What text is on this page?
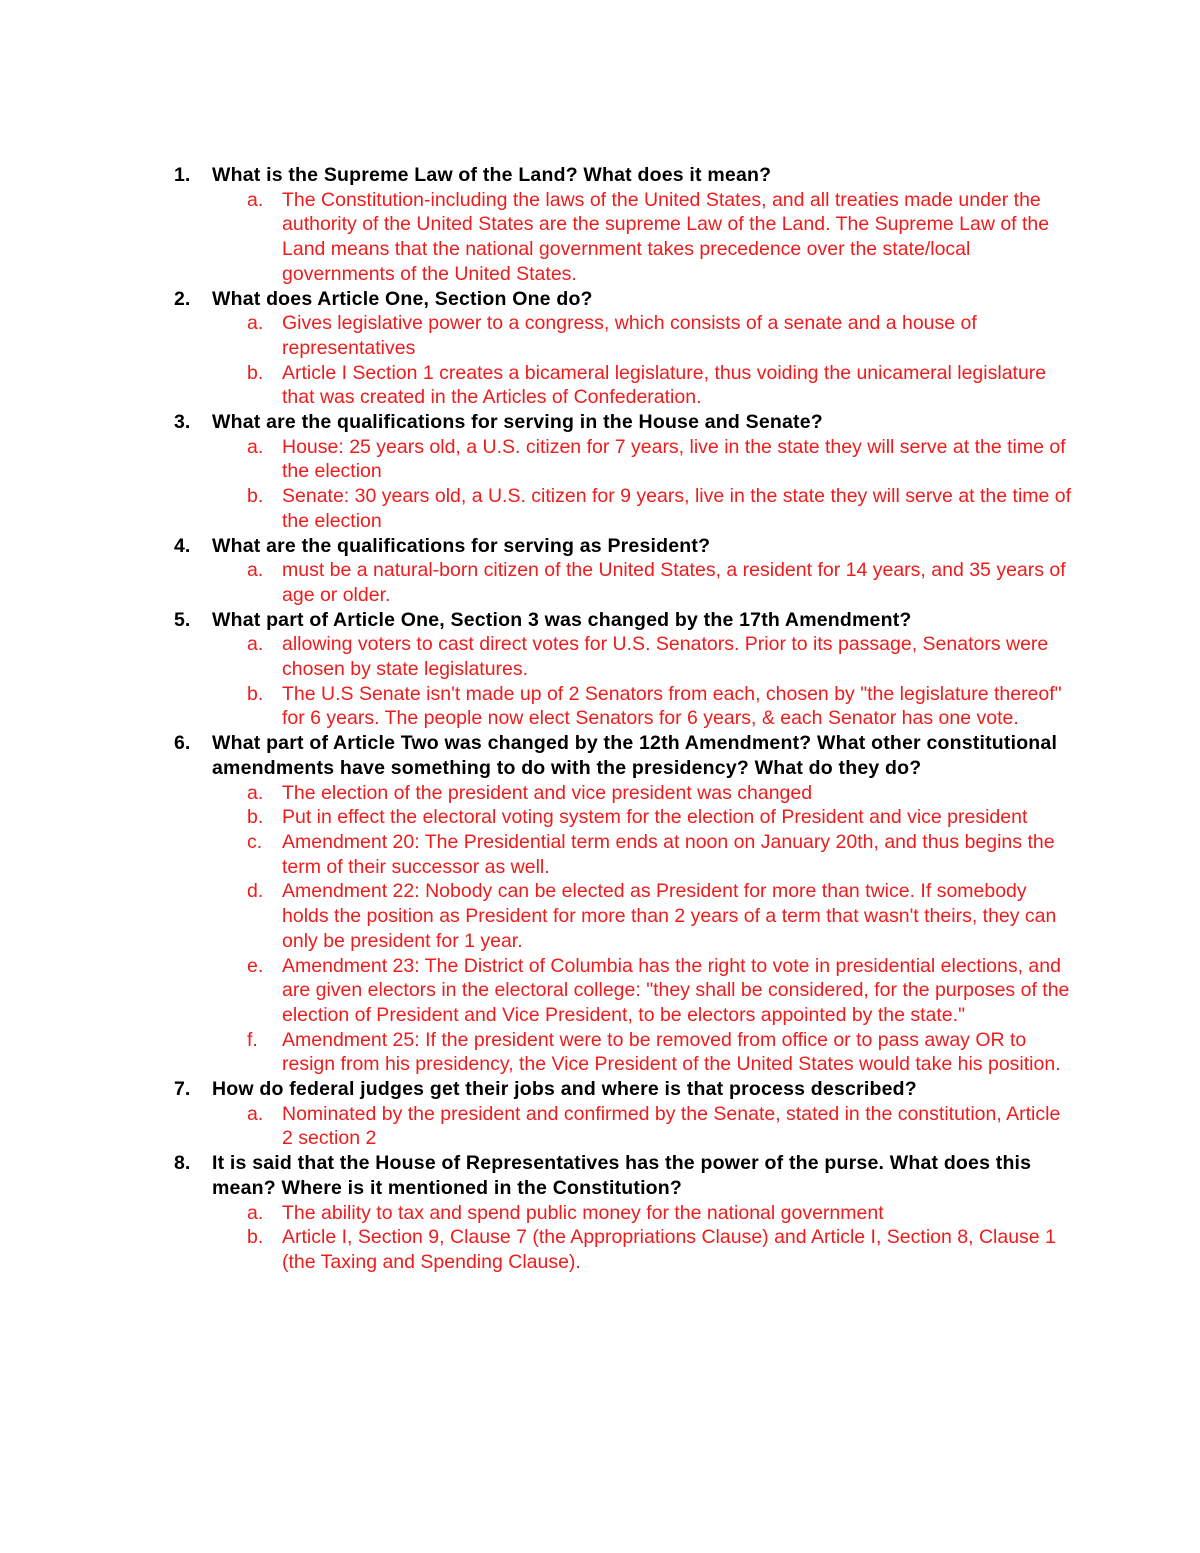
1.	What is the Supreme Law of the Land? What does it mean?
a. The Constitution-including the laws of the United States, and all treaties made under the authority of the United States are the supreme Law of the Land. The Supreme Law of the Land means that the national government takes precedence over the state/local governments of the United States.
2.	What does Article One, Section One do?
a. Gives legislative power to a congress, which consists of a senate and a house of representatives
b. Article I Section 1 creates a bicameral legislature, thus voiding the unicameral legislature that was created in the Articles of Confederation.
3.	What are the qualifications for serving in the House and Senate?
a. House: 25 years old, a U.S. citizen for 7 years, live in the state they will serve at the time of the election
b. Senate: 30 years old, a U.S. citizen for 9 years, live in the state they will serve at the time of the election
4.	What are the qualifications for serving as President?
a. must be a natural-born citizen of the United States, a resident for 14 years, and 35 years of age or older.
5.	What part of Article One, Section 3 was changed by the 17th Amendment?
a. allowing voters to cast direct votes for U.S. Senators. Prior to its passage, Senators were chosen by state legislatures.
b. The U.S Senate isn't made up of 2 Senators from each, chosen by "the legislature thereof" for 6 years. The people now elect Senators for 6 years, & each Senator has one vote.
6.	What part of Article Two was changed by the 12th Amendment? What other constitutional amendments have something to do with the presidency? What do they do?
a. The election of the president and vice president was changed
b. Put in effect the electoral voting system for the election of President and vice president
c.	Amendment 20: The Presidential term ends at noon on January 20th, and thus begins the term of their successor as well.
d. Amendment 22: Nobody can be elected as President for more than twice. If somebody holds the position as President for more than 2 years of a term that wasn't theirs, they can only be president for 1 year.
e. Amendment 23: The District of Columbia has the right to vote in presidential elections, and are given electors in the electoral college: "they shall be considered, for the purposes of the election of President and Vice President, to be electors appointed by the state."
f.	Amendment 25: If the president were to be removed from office or to pass away OR to resign from his presidency, the Vice President of the United States would take his position.
7.	How do federal judges get their jobs and where is that process described?
a. Nominated by the president and confirmed by the Senate, stated in the constitution, Article 2 section 2
8.	It is said that the House of Representatives has the power of the purse. What does this mean? Where is it mentioned in the Constitution?
a. The ability to tax and spend public money for the national government
b. Article I, Section 9, Clause 7 (the Appropriations Clause) and Article I, Section 8, Clause 1 (the Taxing and Spending Clause).
